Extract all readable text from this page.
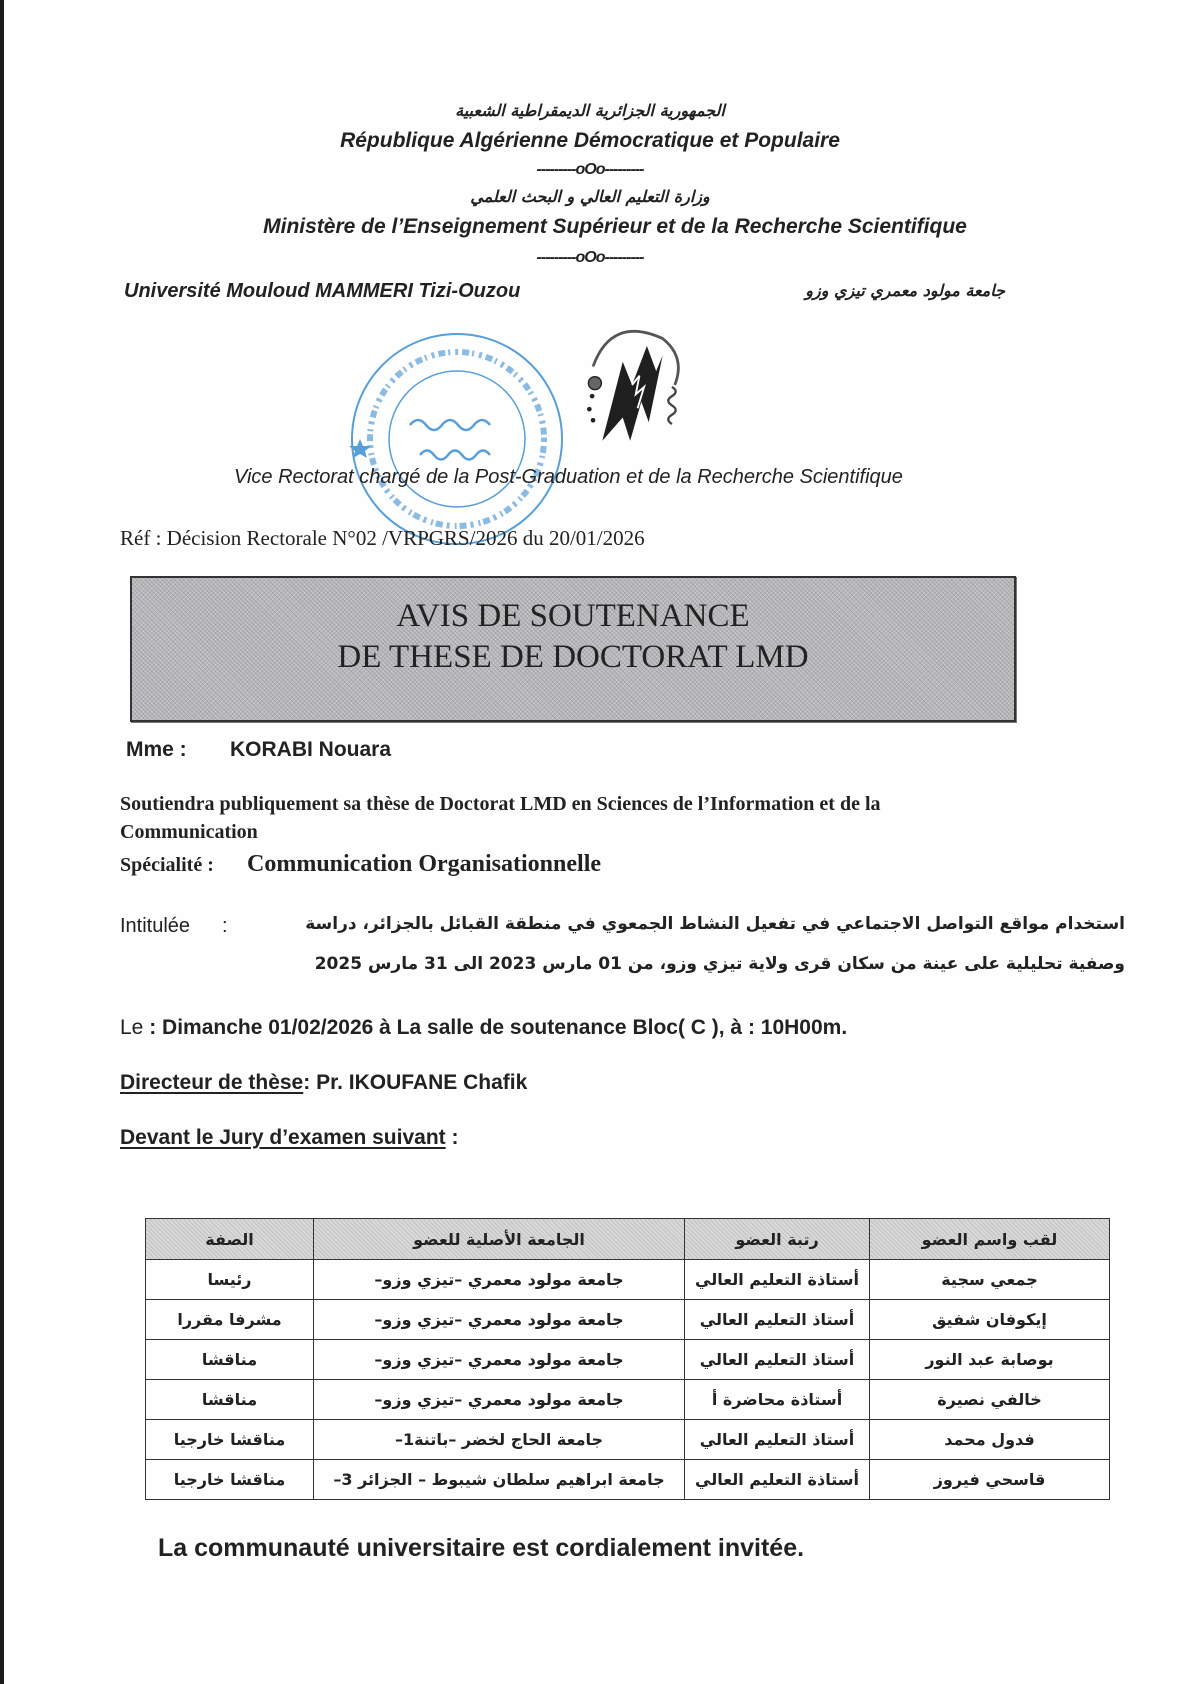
الجمهورية الجزائرية الديمقراطية الشعبية
République Algérienne Démocratique et Populaire
---------oOo---------
وزارة التعليم العالي و البحث العلمي
Ministère de l’Enseignement Supérieur et de la Recherche Scientifique
---------oOo---------
Université Mouloud MAMMERI Tizi-Ouzou	جامعة مولود معمري تيزي وزو
Vice Rectorat chargé de la Post-Graduation et de la Recherche Scientifique
Réf : Décision Rectorale N°02 /VRPGRS/2026 du 20/01/2026
AVIS DE SOUTENANCE
DE THESE DE DOCTORAT LMD
Mme : KORABI Nouara
Soutiendra publiquement sa thèse de Doctorat LMD en Sciences de l’Information et de la
Communication
Spécialité : Communication Organisationnelle
Intitulée :	استخدام مواقع التواصل الاجتماعي في تفعيل النشاط الجمعوي في منطقة القبائل بالجزائر، دراسة
وصفية تحليلية على عينة من سكان قرى ولاية تيزي وزو، من 01 مارس 2023 الى 31 مارس 2025
Le : Dimanche 01/02/2026 à La salle de soutenance Bloc( C ), à : 10H00m.
Directeur de thèse: Pr. IKOUFANE Chafik
Devant le Jury d’examen suivant :
لقب واسم العضو	رتبة العضو	الجامعة الأصلية للعضو	الصفة
جمعي سجية	أستاذة التعليم العالي	جامعة مولود معمري –تيزي وزو–	رئيسا
إيكوفان شفيق	أستاذ التعليم العالي	جامعة مولود معمري –تيزي وزو–	مشرفا مقررا
بوصابة عبد النور	أستاذ التعليم العالي	جامعة مولود معمري –تيزي وزو–	مناقشا
خالفي نصيرة	أستاذة محاضرة أ	جامعة مولود معمري –تيزي وزو–	مناقشا
فدول محمد	أستاذ التعليم العالي	جامعة الحاج لخضر –باتنة1–	مناقشا خارجيا
قاسحي فيروز	أستاذة التعليم العالي	جامعة ابراهيم سلطان شيبوط – الجزائر 3–	مناقشا خارجيا
La communauté universitaire est cordialement invitée.
